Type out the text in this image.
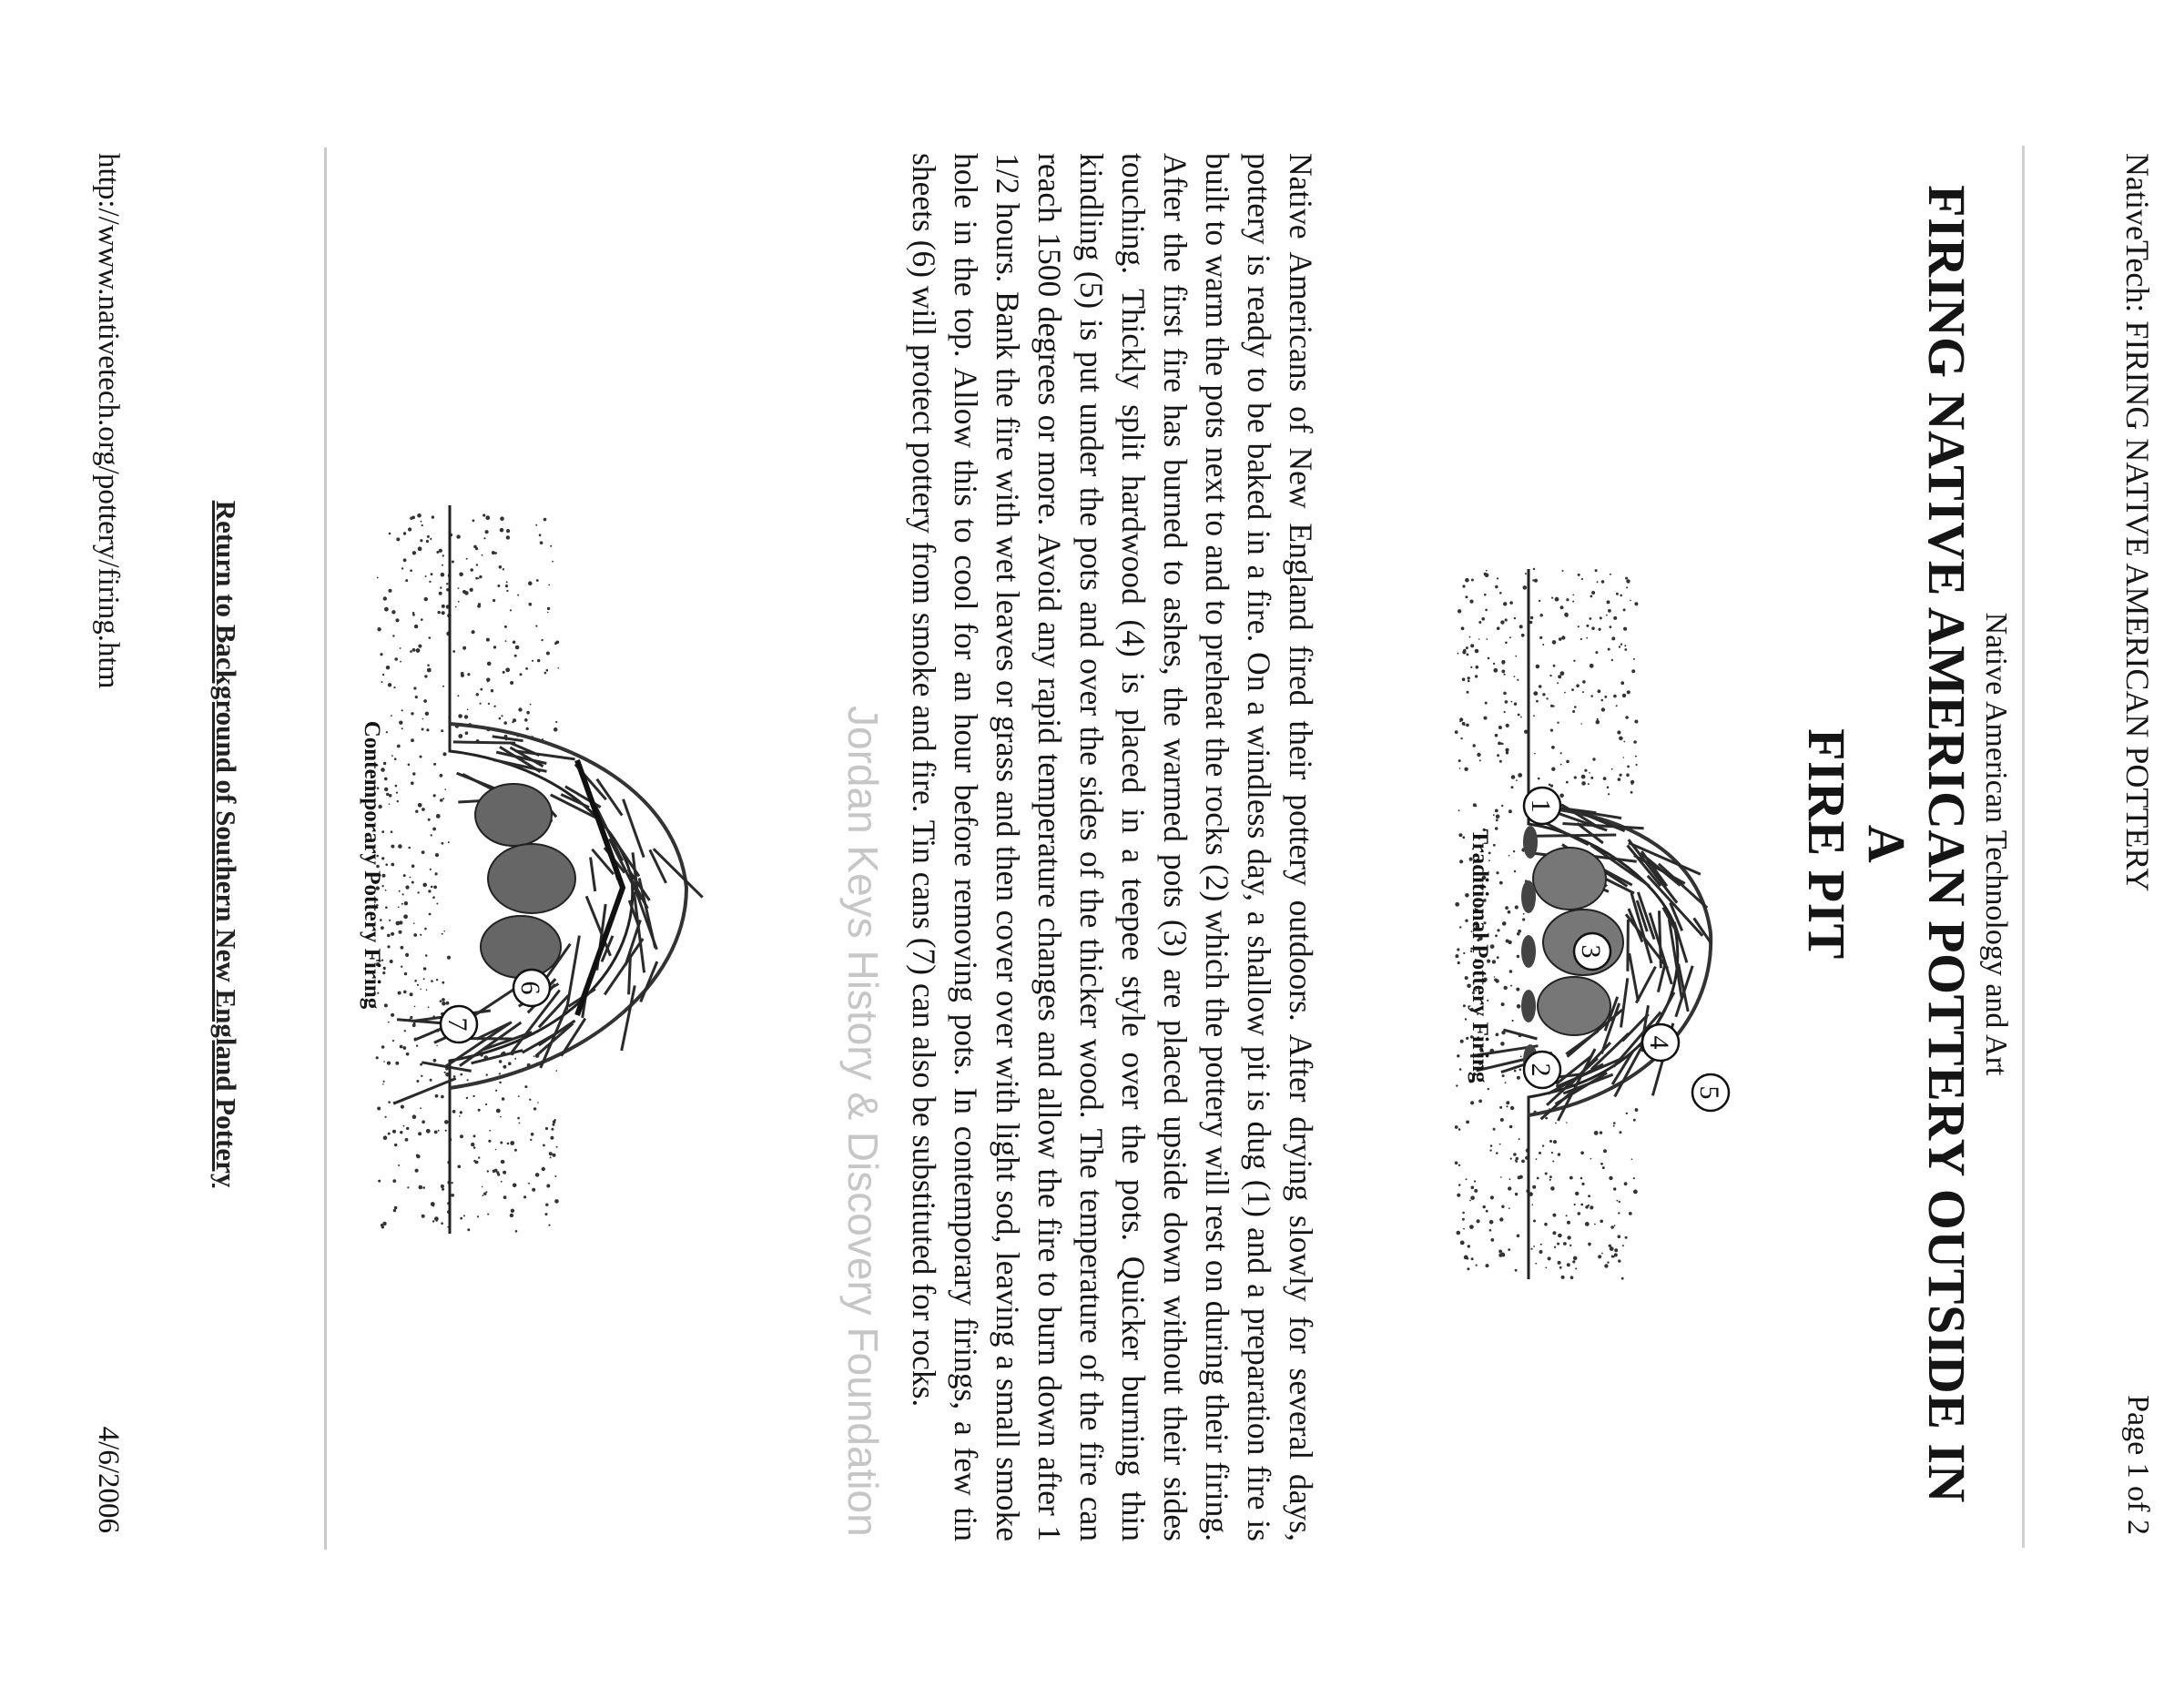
NativeTech: FIRING NATIVE AMERICAN POTTERY
Page 1 of 2
Native American Technology and Art
FIRING NATIVE AMERICAN POTTERY OUTSIDE IN A
FIRE PIT
1
2
3
4
5
Traditional Pottery Firing
Native Americans of New England fired their pottery outdoors. After drying slowly for several days, pottery is ready to be baked in a fire. On a windless day, a shallow pit is dug (1) and a preparation fire is built to warm the pots next to and to preheat the rocks (2) which the pottery will rest on during their firing. After the first fire has burned to ashes, the warmed pots (3) are placed upside down without their sides touching. Thickly split hardwood (4) is placed in a teepee style over the pots. Quicker burning thin kindling (5) is put under the pots and over the sides of the thicker wood. The temperature of the fire can reach 1500 degrees or more. Avoid any rapid temperature changes and allow the fire to burn down after 1 1/2 hours. Bank the fire with wet leaves or grass and then cover over with light sod, leaving a small smoke hole in the top. Allow this to cool for an hour before removing pots. In contemporary firings, a few tin sheets (6) will protect pottery from smoke and fire. Tin cans (7) can also be substituted for rocks.
6
7
Contemporary Pottery Firing	Jordan Keys History & Discovery Foundation
Return to Background of Southern New England Pottery
http://www.nativetech.org/pottery/firing.htm
4/6/2006
